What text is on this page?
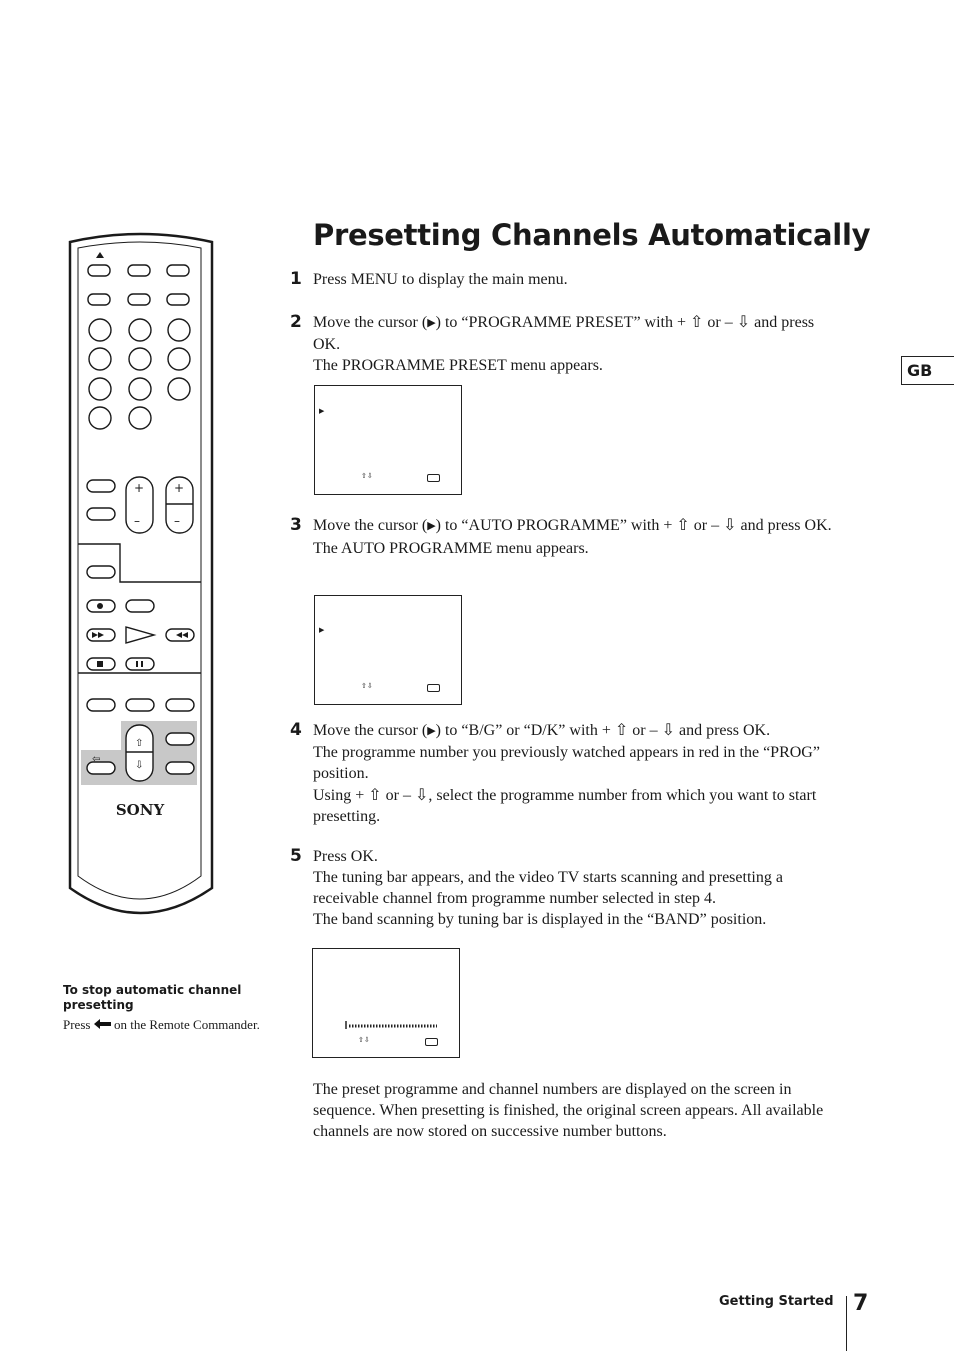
Presetting Channels Automatically
GB
1 Press MENU to display the main menu.

2 Move the cursor (▶) to “PROGRAMME PRESET” with + ⇧ or – ⇩ and press OK.

The PROGRAMME PRESET menu appears.

▶
⇧⇩
3 Move the cursor (▶) to “AUTO PROGRAMME” with + ⇧ or – ⇩ and press OK.

The AUTO PROGRAMME menu appears.

▶
⇧⇩
4 Move the cursor (▶) to “B/G” or “D/K” with + ⇧ or – ⇩ and press OK.

The programme number you previously watched appears in red in the “PROG” position.

Using + ⇧ or – ⇩, select the programme number from which you want to start presetting.

5 Press OK.

The tuning bar appears, and the video TV starts scanning and presetting a receivable channel from programme number selected in step 4.

The band scanning by tuning bar is displayed in the “BAND” position.

⇧⇩
The preset programme and channel numbers are displayed on the screen in sequence. When presetting is finished, the original screen appears. All available channels are now stored on successive number buttons.
To stop automatic channel presetting
Press on the Remote Commander.
+
–
+
–
⇧
⇩
⇦
SONY
Getting Started 7
